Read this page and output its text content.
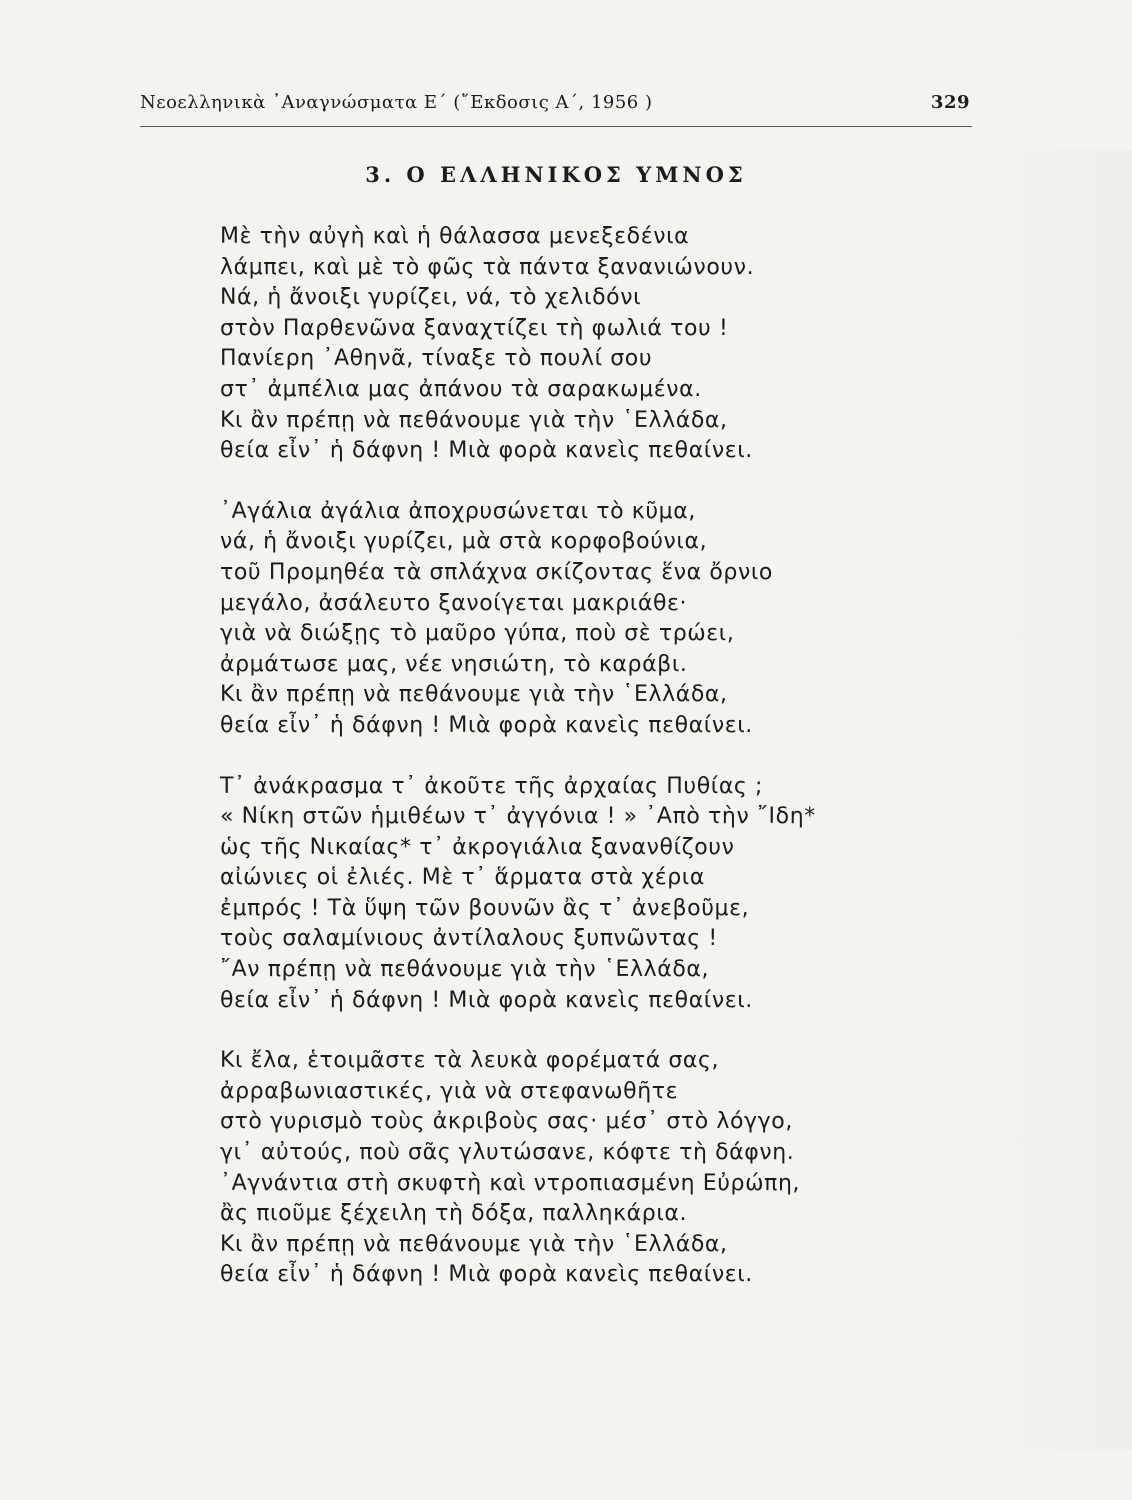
Νεοελληνικὰ ᾿Αναγνώσματα Ε΄ (῎Εκδοσις Α΄, 1956 )	329
3. Ο ΕΛΛΗΝΙΚΟΣ ΥΜΝΟΣ
Μὲ τὴν αὐγὴ καὶ ἡ θάλασσα μενεξεδένια
λάμπει, καὶ μὲ τὸ φῶς τὰ πάντα ξανανιώνουν.
Νά, ἡ ἄνοιξι γυρίζει, νά, τὸ χελιδόνι
στὸν Παρθενῶνα ξαναχτίζει τὴ φωλιά του !
Πανίερη ᾿Αθηνᾶ, τίναξε τὸ πουλί σου
στ᾿ ἀμπέλια μας ἀπάνου τὰ σαρακωμένα.
Κι ἂν πρέπῃ νὰ πεθάνουμε γιὰ τὴν ῾Ελλάδα,
θεία εἶν᾿ ἡ δάφνη ! Μιὰ φορὰ κανεὶς πεθαίνει.
᾿Αγάλια ἀγάλια ἀποχρυσώνεται τὸ κῦμα,
νά, ἡ ἄνοιξι γυρίζει, μὰ στὰ κορφοβούνια,
τοῦ Προμηθέα τὰ σπλάχνα σκίζοντας ἕνα ὄρνιο
μεγάλο, ἀσάλευτο ξανοίγεται μακριάθε·
γιὰ νὰ διώξῃς τὸ μαῦρο γύπα, ποὺ σὲ τρώει,
ἀρμάτωσε μας, νέε νησιώτη, τὸ καράβι.
Κι ἂν πρέπῃ νὰ πεθάνουμε γιὰ τὴν ῾Ελλάδα,
θεία εἶν᾿ ἡ δάφνη ! Μιὰ φορὰ κανεὶς πεθαίνει.
Τ᾿ ἀνάκρασμα τ᾿ ἀκοῦτε τῆς ἀρχαίας Πυθίας ;
« Νίκη στῶν ἡμιθέων τ᾿ ἀγγόνια ! » ᾿Απὸ τὴν ῎Ιδη*
ὡς τῆς Νικαίας* τ᾿ ἀκρογιάλια ξανανθίζουν
αἰώνιες οἱ ἐλιές. Μὲ τ᾿ ἅρματα στὰ χέρια
ἐμπρός ! Τὰ ὕψη τῶν βουνῶν ἂς τ᾿ ἀνεβοῦμε,
τοὺς σαλαμίνιους ἀντίλαλους ξυπνῶντας !
῎Αν πρέπῃ νὰ πεθάνουμε γιὰ τὴν ῾Ελλάδα,
θεία εἶν᾿ ἡ δάφνη ! Μιὰ φορὰ κανεὶς πεθαίνει.
Κι ἔλα, ἑτοιμᾶστε τὰ λευκὰ φορέματά σας,
ἀρραβωνιαστικές, γιὰ νὰ στεφανωθῆτε
στὸ γυρισμὸ τοὺς ἀκριβοὺς σας· μέσ᾿ στὸ λόγγο,
γι᾿ αὐτούς, ποὺ σᾶς γλυτώσανε, κόφτε τὴ δάφνη.
᾿Αγνάντια στὴ σκυφτὴ καὶ ντροπιασμένη Εὐρώπη,
ἂς πιοῦμε ξέχειλη τὴ δόξα, παλληκάρια.
Κι ἂν πρέπῃ νὰ πεθάνουμε γιὰ τὴν ῾Ελλάδα,
θεία εἶν᾿ ἡ δάφνη ! Μιὰ φορὰ κανεὶς πεθαίνει.
